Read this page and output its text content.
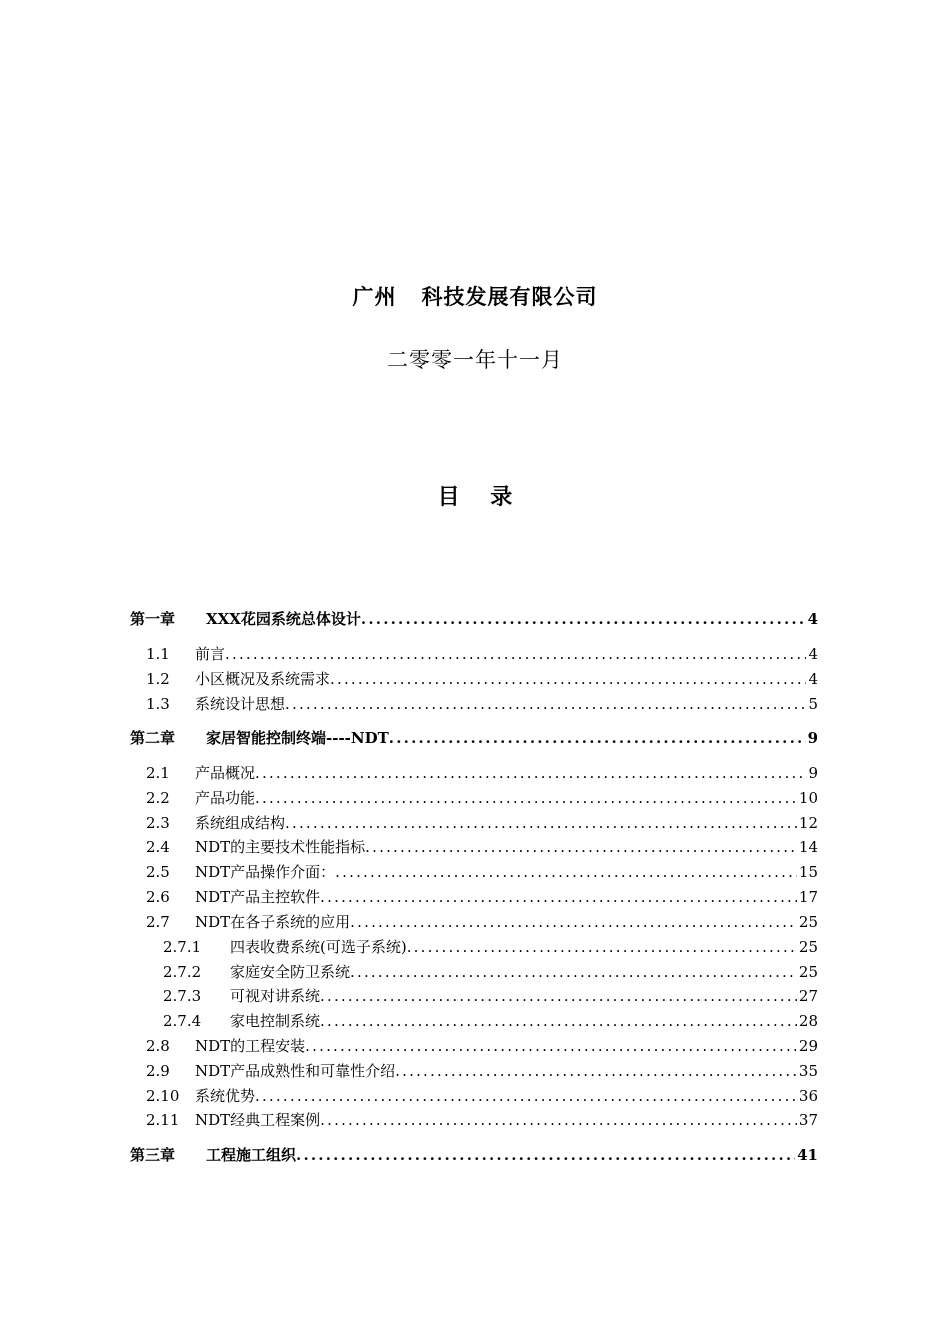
广州   科技发展有限公司
二零零一年十一月
目    录
第一章	XXX花园系统总体设计 .....	4
1.1	前言 .....	4
1.2	小区概况及系统需求 .....	4
1.3	系统设计思想 .....	5
第二章	家居智能控制终端----NDT .....	9
2.1	产品概况 .....	9
2.2	产品功能 .....	10
2.3	系统组成结构 .....	12
2.4	NDT的主要技术性能指标 .....	14
2.5	NDT产品操作介面： .....	15
2.6	NDT产品主控软件 .....	17
2.7	NDT在各子系统的应用 .....	25
2.7.1	四表收费系统(可选子系统) .....	25
2.7.2	家庭安全防卫系统 .....	25
2.7.3	可视对讲系统 .....	27
2.7.4	家电控制系统 .....	28
2.8	NDT的工程安装 .....	29
2.9	NDT产品成熟性和可靠性介绍 .....	35
2.10	系统优势 .....	36
2.11	NDT经典工程案例 .....	37
第三章	工程施工组织 .....	41
